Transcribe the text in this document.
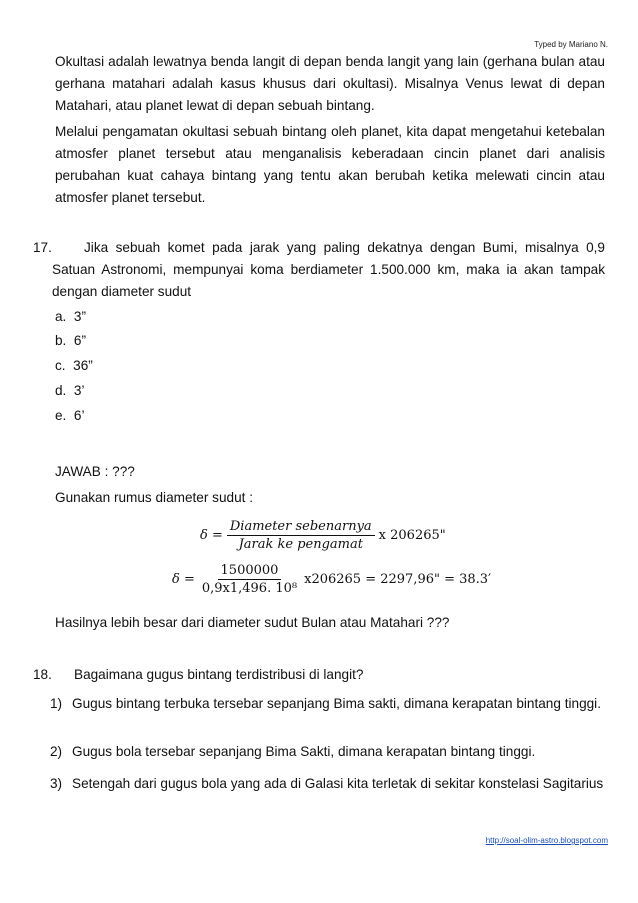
Typed by Mariano N.
Okultasi adalah lewatnya benda langit di depan benda langit yang lain (gerhana bulan atau gerhana matahari adalah kasus khusus dari okultasi). Misalnya Venus lewat di depan Matahari, atau planet lewat di depan sebuah bintang.
Melalui pengamatan okultasi sebuah bintang oleh planet, kita dapat mengetahui ketebalan atmosfer planet tersebut atau menganalisis keberadaan cincin planet dari analisis perubahan kuat cahaya bintang yang tentu akan berubah ketika melewati cincin atau atmosfer planet tersebut.
17.	Jika sebuah komet pada jarak yang paling dekatnya dengan Bumi, misalnya 0,9 Satuan Astronomi, mempunyai koma berdiameter 1.500.000 km, maka ia akan tampak dengan diameter sudut
a. 3”
b. 6”
c. 36”
d. 3’
e. 6’
JAWAB : ???
Gunakan rumus diameter sudut :
$\delta = \frac{\text{Diameter sebenarnya}}{\text{Jarak ke pengamat}}$ x 206265"
$\delta = \frac{1500000}{\text{0,9x1,496. 10⁸}} x206265 = 2297,96$" = 38.3′
Hasilnya lebih besar dari diameter sudut Bulan atau Matahari ???
18. Bagaimana gugus bintang terdistribusi di langit?
1) Gugus bintang terbuka tersebar sepanjang Bima sakti, dimana kerapatan bintang tinggi.
2) Gugus bola tersebar sepanjang Bima Sakti, dimana kerapatan bintang tinggi.
3) Setengah dari gugus bola yang ada di Galasi kita terletak di sekitar konstelasi Sagitarius
http://soal-olim-astro.blogspot.com
